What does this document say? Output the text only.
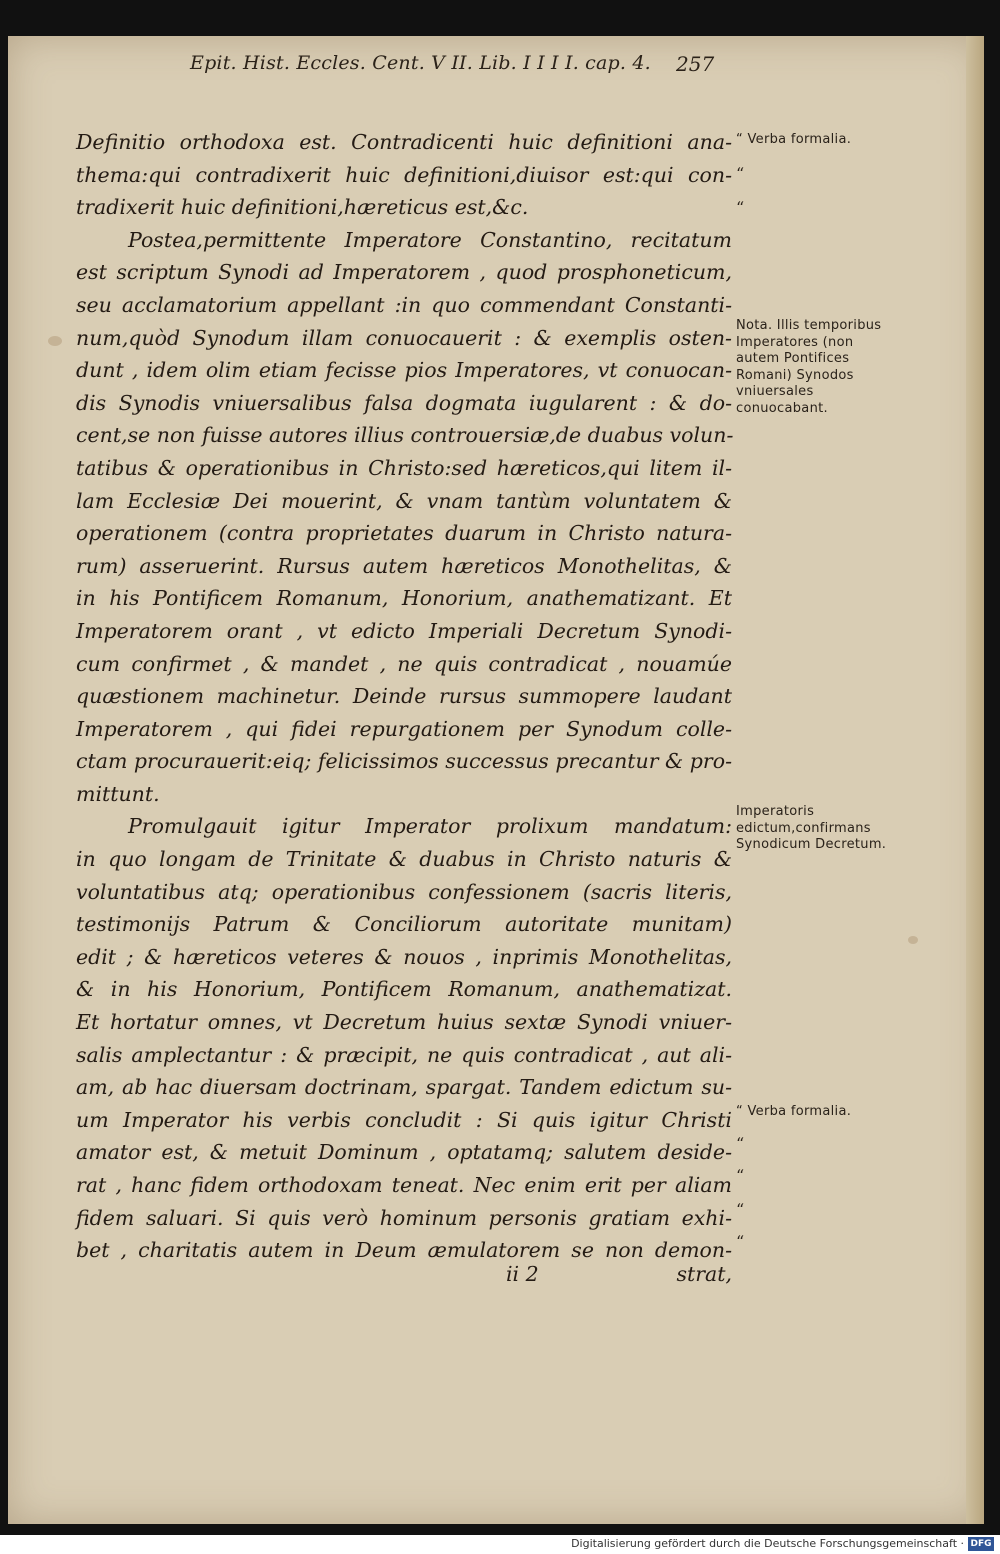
Epit. Hist. Eccles. Cent. V II. Lib. I I I I. cap. 4.	257
Definitio orthodoxa est. Contradicenti huic definitioni ana-
thema:qui contradixerit huic definitioni,diuisor est:qui con-
tradixerit huic definitioni,hæreticus est,&c.
Postea,permittente Imperatore Constantino, recitatum
est scriptum Synodi ad Imperatorem , quod prosphoneticum,
seu acclamatorium appellant :in quo commendant Constanti-
num,quòd Synodum illam conuocauerit : & exemplis osten-
dunt , idem olim etiam fecisse pios Imperatores, vt conuocan-
dis Synodis vniuersalibus falsa dogmata iugularent : & do-
cent,se non fuisse autores illius controuersiæ,de duabus volun-
tatibus & operationibus in Christo:sed hæreticos,qui litem il-
lam Ecclesiæ Dei mouerint, & vnam tantùm voluntatem &
operationem (contra proprietates duarum in Christo natura-
rum) asseruerint. Rursus autem hæreticos Monothelitas, &
in his Pontificem Romanum, Honorium, anathematizant. Et
Imperatorem orant , vt edicto Imperiali Decretum Synodi-
cum confirmet , & mandet , ne quis contradicat , nouamúe
quæstionem machinetur. Deinde rursus summopere laudant
Imperatorem , qui fidei repurgationem per Synodum colle-
ctam procurauerit:eiq; felicissimos successus precantur & pro-
mittunt.
Promulgauit igitur Imperator prolixum mandatum:
in quo longam de Trinitate & duabus in Christo naturis &
voluntatibus atq; operationibus confessionem (sacris literis,
testimonijs Patrum & Conciliorum autoritate munitam)
edit ; & hæreticos veteres & nouos , inprimis Monothelitas,
& in his Honorium, Pontificem Romanum, anathematizat.
Et hortatur omnes, vt Decretum huius sextæ Synodi vniuer-
salis amplectantur : & præcipit, ne quis contradicat , aut ali-
am, ab hac diuersam doctrinam, spargat. Tandem edictum su-
um Imperator his verbis concludit : Si quis igitur Christi
amator est, & metuit Dominum , optatamq; salutem deside-
rat , hanc fidem orthodoxam teneat. Nec enim erit per aliam
fidem saluari. Si quis verò hominum personis gratiam exhi-
bet , charitatis autem in Deum æmulatorem se non demon-
ii 2	strat,
“ Verba formalia.
“
“
Nota. Illis temporibus Imperatores (non autem Pontifices Romani) Synodos vniuersales conuocabant.
Imperatoris edictum,confirmans Synodicum Decretum.
“ Verba formalia.
“
“
“
“
Digitalisierung gefördert durch die Deutsche Forschungsgemeinschaft · DFG
